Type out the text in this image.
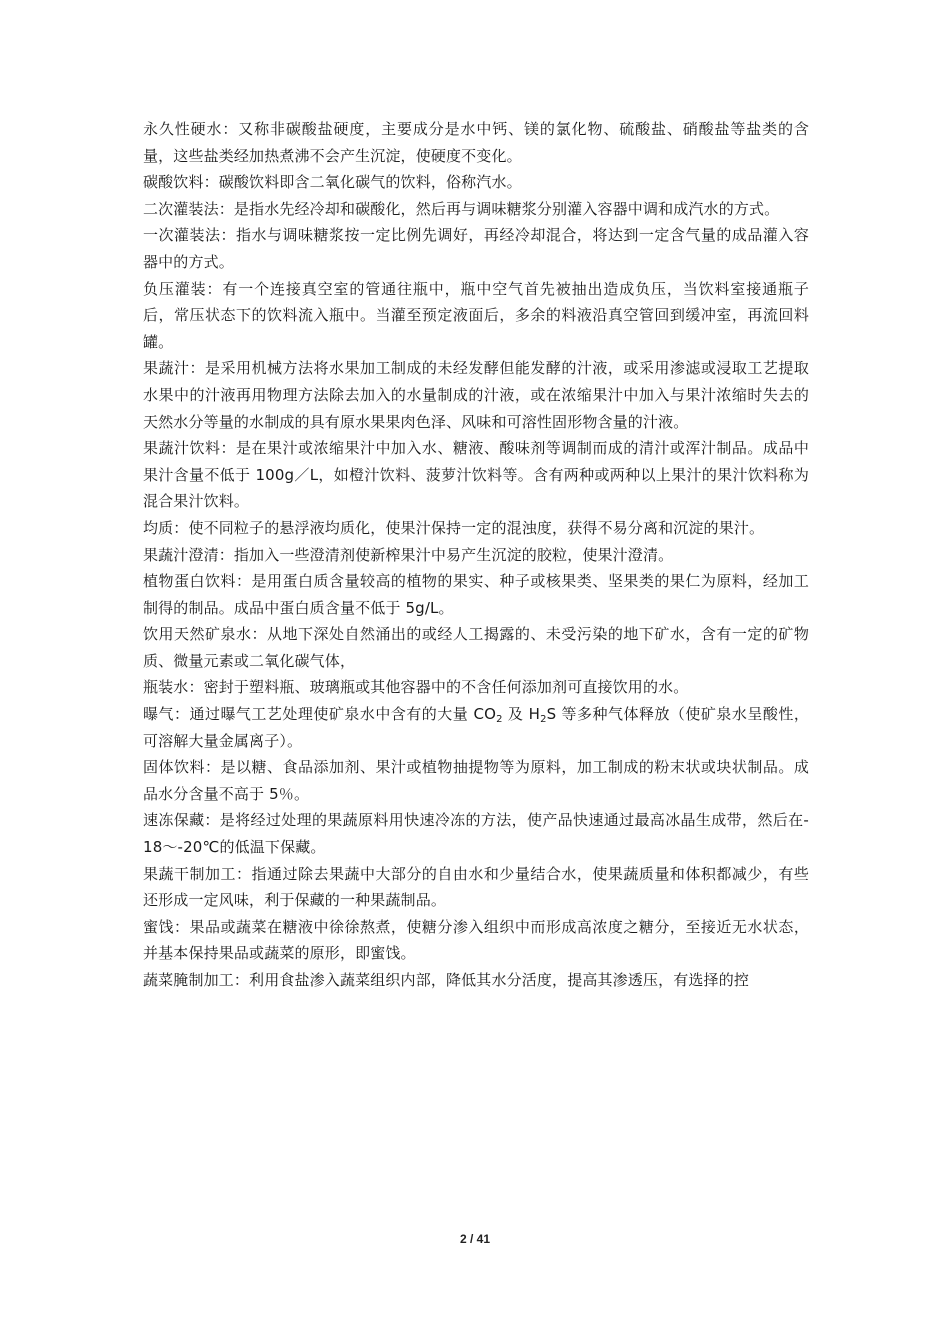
永久性硬水：又称非碳酸盐硬度，主要成分是水中钙、镁的氯化物、硫酸盐、硝酸盐等盐类的含量，这些盐类经加热煮沸不会产生沉淀，使硬度不变化。

碳酸饮料：碳酸饮料即含二氧化碳气的饮料，俗称汽水。

二次灌装法：是指水先经冷却和碳酸化，然后再与调味糖浆分别灌入容器中调和成汽水的方式。

一次灌装法：指水与调味糖浆按一定比例先调好，再经冷却混合，将达到一定含气量的成品灌入容器中的方式。

负压灌装：有一个连接真空室的管通往瓶中，瓶中空气首先被抽出造成负压，当饮料室接通瓶子后，常压状态下的饮料流入瓶中。当灌至预定液面后，多余的料液沿真空管回到缓冲室，再流回料罐。

果蔬汁：是采用机械方法将水果加工制成的未经发酵但能发酵的汁液，或采用渗滤或浸取工艺提取水果中的汁液再用物理方法除去加入的水量制成的汁液，或在浓缩果汁中加入与果汁浓缩时失去的天然水分等量的水制成的具有原水果果肉色泽、风味和可溶性固形物含量的汁液。

果蔬汁饮料：是在果汁或浓缩果汁中加入水、糖液、酸味剂等调制而成的清汁或浑汁制品。成品中果汁含量不低于 100g／L，如橙汁饮料、菠萝汁饮料等。含有两种或两种以上果汁的果汁饮料称为混合果汁饮料。

均质：使不同粒子的悬浮液均质化，使果汁保持一定的混浊度，获得不易分离和沉淀的果汁。

果蔬汁澄清：指加入一些澄清剂使新榨果汁中易产生沉淀的胶粒，使果汁澄清。

植物蛋白饮料：是用蛋白质含量较高的植物的果实、种子或核果类、坚果类的果仁为原料，经加工制得的制品。成品中蛋白质含量不低于 5g/L。

饮用天然矿泉水：从地下深处自然涌出的或经人工揭露的、未受污染的地下矿水，含有一定的矿物质、微量元素或二氧化碳气体，

瓶装水：密封于塑料瓶、玻璃瓶或其他容器中的不含任何添加剂可直接饮用的水。

曝气：通过曝气工艺处理使矿泉水中含有的大量 $CO_2$ 及 $H_2S$ 等多种气体释放（使矿泉水呈酸性，可溶解大量金属离子）。

固体饮料：是以糖、食品添加剂、果汁或植物抽提物等为原料，加工制成的粉末状或块状制品。成品水分含量不高于 5％。

速冻保藏：是将经过处理的果蔬原料用快速冷冻的方法，使产品快速通过最高冰晶生成带，然后在-18～-20℃的低温下保藏。

果蔬干制加工：指通过除去果蔬中大部分的自由水和少量结合水，使果蔬质量和体积都减少，有些还形成一定风味，利于保藏的一种果蔬制品。

蜜饯：果品或蔬菜在糖液中徐徐熬煮，使糖分渗入组织中而形成高浓度之糖分，至接近无水状态，并基本保持果品或蔬菜的原形，即蜜饯。

蔬菜腌制加工：利用食盐渗入蔬菜组织内部，降低其水分活度，提高其渗透压，有选择的控

2 / 41
